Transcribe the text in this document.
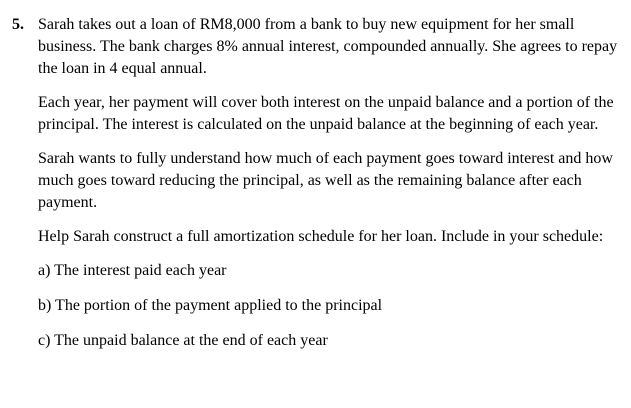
5. Sarah takes out a loan of RM8,000 from a bank to buy new equipment for her small business. The bank charges 8% annual interest, compounded annually. She agrees to repay the loan in 4 equal annual.

Each year, her payment will cover both interest on the unpaid balance and a portion of the principal. The interest is calculated on the unpaid balance at the beginning of each year.

Sarah wants to fully understand how much of each payment goes toward interest and how much goes toward reducing the principal, as well as the remaining balance after each payment.

Help Sarah construct a full amortization schedule for her loan. Include in your schedule:

a) The interest paid each year
b) The portion of the payment applied to the principal
c) The unpaid balance at the end of each year
